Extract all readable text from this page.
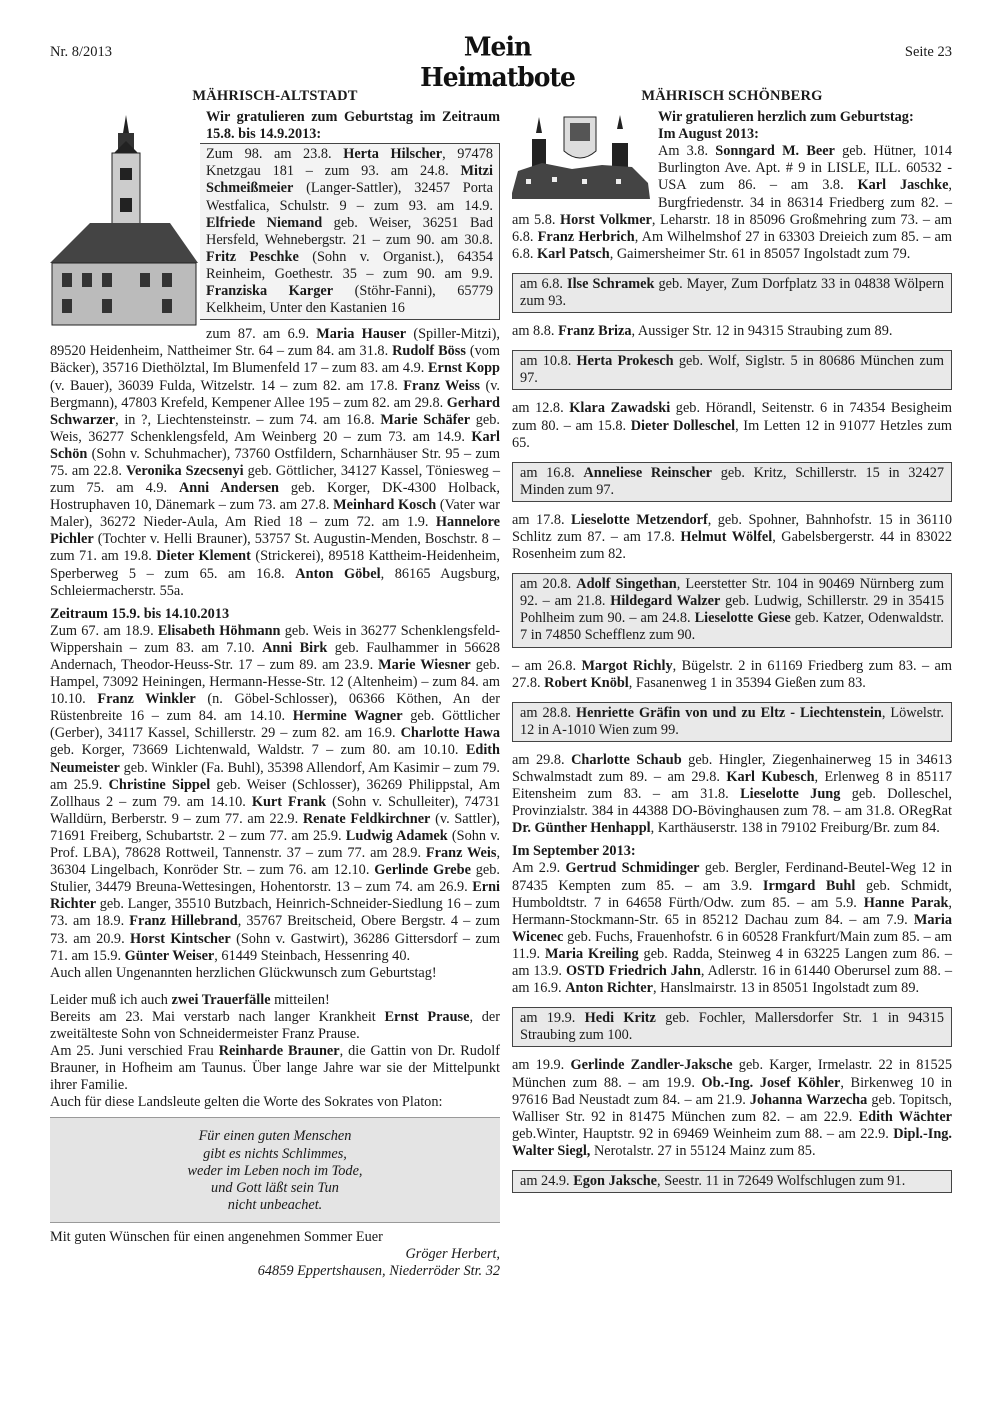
Nr. 8/2013	Mein Heimatbote
Seite 23
MÄHRISCH-ALTSTADT

Wir gratulieren zum Geburtstag im Zeitraum 15.8. bis 14.9.2013:

Zum 98. am 23.8. Herta Hilscher, 97478 Knetzgau 181 – zum 93. am 24.8. Mitzi Schmeißmeier (Langer-Sattler), 32457 Porta Westfalica, Schulstr. 9 – zum 93. am 14.9. Elfriede Niemand geb. Weiser, 36251 Bad Hersfeld, Wehnebergstr. 21 – zum 90. am 30.8. Fritz Peschke (Sohn v. Organist.), 64354 Reinheim, Goethestr. 35 – zum 90. am 9.9. Franziska Karger (Stöhr-Fanni), 65779 Kelkheim, Unter den Kastanien 16

zum 87. am 6.9. Maria Hauser (Spiller-Mitzi), 89520 Heidenheim, Nattheimer Str. 64 – zum 84. am 31.8. Rudolf Böss (vom Bäcker), 35716 Diethölztal, Im Blumenfeld 17 – zum 83. am 4.9. Ernst Kopp (v. Bauer), 36039 Fulda, Witzelstr. 14 – zum 82. am 17.8. Franz Weiss (v. Bergmann), 47803 Krefeld, Kempener Allee 195 – zum 82. am 29.8. Gerhard Schwarzer, in ?, Liechtensteinstr. – zum 74. am 16.8. Marie Schäfer geb. Weis, 36277 Schenklengsfeld, Am Weinberg 20 – zum 73. am 14.9. Karl Schön (Sohn v. Schuhmacher), 73760 Ostfildern, Scharnhäuser Str. 95 – zum 75. am 22.8. Veronika Szecsenyi geb. Göttlicher, 34127 Kassel, Töniesweg – zum 75. am 4.9. Anni Andersen geb. Korger, DK-4300 Holback, Hostruphaven 10, Dänemark – zum 73. am 27.8. Meinhard Kosch (Vater war Maler), 36272 Nieder-Aula, Am Ried 18 – zum 72. am 1.9. Hannelore Pichler (Tochter v. Helli Brauner), 53757 St. Augustin-Menden, Boschstr. 8 – zum 71. am 19.8. Dieter Klement (Strickerei), 89518 Kattheim-Heidenheim, Sperberweg 5 – zum 65. am 16.8. Anton Göbel, 86165 Augsburg, Schleiermacherstr. 55a.

Zeitraum 15.9. bis 14.10.2013

Zum 67. am 18.9. Elisabeth Höhmann geb. Weis in 36277 Schenklengsfeld-Wippershain – zum 83. am 7.10. Anni Birk geb. Faulhammer in 56628 Andernach, Theodor-Heuss-Str. 17 – zum 89. am 23.9. Marie Wiesner geb. Hampel, 73092 Heiningen, Hermann-Hesse-Str. 12 (Altenheim) – zum 84. am 10.10. Franz Winkler (n. Göbel-Schlosser), 06366 Köthen, An der Rüstenbreite 16 – zum 84. am 14.10. Hermine Wagner geb. Göttlicher (Gerber), 34117 Kassel, Schillerstr. 29 – zum 82. am 16.9. Charlotte Hawa geb. Korger, 73669 Lichtenwald, Waldstr. 7 – zum 80. am 10.10. Edith Neumeister geb. Winkler (Fa. Buhl), 35398 Allendorf, Am Kasimir – zum 79. am 25.9. Christine Sippel geb. Weiser (Schlosser), 36269 Philippstal, Am Zollhaus 2 – zum 79. am 14.10. Kurt Frank (Sohn v. Schulleiter), 74731 Walldürn, Berberstr. 9 – zum 77. am 22.9. Renate Feldkirchner (v. Sattler), 71691 Freiberg, Schubartstr. 2 – zum 77. am 25.9. Ludwig Adamek (Sohn v. Prof. LBA), 78628 Rottweil, Tannenstr. 37 – zum 77. am 28.9. Franz Weis, 36304 Lingelbach, Konröder Str. – zum 76. am 12.10. Gerlinde Grebe geb. Stulier, 34479 Breuna-Wettesingen, Hohentorstr. 13 – zum 74. am 26.9. Erni Richter geb. Langer, 35510 Butzbach, Heinrich-Schneider-Siedlung 16 – zum 73. am 18.9. Franz Hillebrand, 35767 Breitscheid, Obere Bergstr. 4 – zum 73. am 20.9. Horst Kintscher (Sohn v. Gastwirt), 36286 Gittersdorf – zum 71. am 15.9. Günter Weiser, 61449 Steinbach, Hessenring 40.

Auch allen Ungenannten herzlichen Glückwunsch zum Geburtstag!

Leider muß ich auch zwei Trauerfälle mitteilen!

Bereits am 23. Mai verstarb nach langer Krankheit Ernst Prause, der zweitälteste Sohn von Schneidermeister Franz Prause.

Am 25. Juni verschied Frau Reinharde Brauner, die Gattin von Dr. Rudolf Brauner, in Hofheim am Taunus. Über lange Jahre war sie der Mittelpunkt ihrer Familie.

Auch für diese Landsleute gelten die Worte des Sokrates von Platon:

Für einen guten Menschen
gibt es nichts Schlimmes,
weder im Leben noch im Tode,
und Gott läßt sein Tun
nicht unbeachet.

Mit guten Wünschen für einen angenehmen Sommer Euer

Gröger Herbert,

64859 Eppertshausen, Niederröder Str. 32

MÄHRISCH SCHÖNBERG

Wir gratulieren herzlich zum Geburtstag:

Im August 2013:

Am 3.8. Sonngard M. Beer geb. Hütner, 1014 Burlington Ave. Apt. # 9 in LISLE, ILL. 60532 - USA zum 86. – am 3.8. Karl Jaschke, Burgfriedenstr. 34 in 86314 Friedberg zum 82. – am 5.8. Horst Volkmer, Leharstr. 18 in 85096 Großmehring zum 73. – am 6.8. Franz Herbrich, Am Wilhelmshof 27 in 63303 Dreieich zum 85. – am 6.8. Karl Patsch, Gaimersheimer Str. 61 in 85057 Ingolstadt zum 79.

am 6.8. Ilse Schramek geb. Mayer, Zum Dorfplatz 33 in 04838 Wölpern zum 93.

am 8.8. Franz Briza, Aussiger Str. 12 in 94315 Straubing zum 89.

am 10.8. Herta Prokesch geb. Wolf, Siglstr. 5 in 80686 München zum 97.

am 12.8. Klara Zawadski geb. Hörandl, Seitenstr. 6 in 74354 Besigheim zum 80. – am 15.8. Dieter Dolleschel, Im Letten 12 in 91077 Hetzles zum 65.

am 16.8. Anneliese Reinscher geb. Kritz, Schillerstr. 15 in 32427 Minden zum 97.

am 17.8. Lieselotte Metzendorf, geb. Spohner, Bahnhofstr. 15 in 36110 Schlitz zum 87. – am 17.8. Helmut Wölfel, Gabelsbergerstr. 44 in 83022 Rosenheim zum 82.

am 20.8. Adolf Singethan, Leerstetter Str. 104 in 90469 Nürnberg zum 92. – am 21.8. Hildegard Walzer geb. Ludwig, Schillerstr. 29 in 35415 Pohlheim zum 90. – am 24.8. Lieselotte Giese geb. Katzer, Odenwaldstr. 7 in 74850 Schefflenz zum 90.

– am 26.8. Margot Richly, Bügelstr. 2 in 61169 Friedberg zum 83. – am 27.8. Robert Knöbl, Fasanenweg 1 in 35394 Gießen zum 83.

am 28.8. Henriette Gräfin von und zu Eltz - Liechtenstein, Löwelstr. 12 in A-1010 Wien zum 99.

am 29.8. Charlotte Schaub geb. Hingler, Ziegenhainerweg 15 in 34613 Schwalmstadt zum 89. – am 29.8. Karl Kubesch, Erlenweg 8 in 85117 Eitensheim zum 83. – am 31.8. Lieselotte Jung geb. Dolleschel, Provinzialstr. 384 in 44388 DO-Bövinghausen zum 78. – am 31.8. ORegRat Dr. Günther Henhappl, Karthäuserstr. 138 in 79102 Freiburg/Br. zum 84.

Im September 2013:

Am 2.9. Gertrud Schmidinger geb. Bergler, Ferdinand-Beutel-Weg 12 in 87435 Kempten zum 85. – am 3.9. Irmgard Buhl geb. Schmidt, Humboldtstr. 7 in 64658 Fürth/Odw. zum 85. – am 5.9. Hanne Parak, Hermann-Stockmann-Str. 65 in 85212 Dachau zum 84. – am 7.9. Maria Wicenec geb. Fuchs, Frauenhofstr. 6 in 60528 Frankfurt/Main zum 85. – am 11.9. Maria Kreiling geb. Radda, Steinweg 4 in 63225 Langen zum 86. – am 13.9. OSTD Friedrich Jahn, Adlerstr. 16 in 61440 Oberursel zum 88. – am 16.9. Anton Richter, Hanslmairstr. 13 in 85051 Ingolstadt zum 89.

am 19.9. Hedi Kritz geb. Fochler, Mallersdorfer Str. 1 in 94315 Straubing zum 100.

am 19.9. Gerlinde Zandler-Jaksche geb. Karger, Irmelastr. 22 in 81525 München zum 88. – am 19.9. Ob.-Ing. Josef Köhler, Birkenweg 10 in 97616 Bad Neustadt zum 84. – am 21.9. Johanna Warzecha geb. Topitsch, Walliser Str. 92 in 81475 München zum 82. – am 22.9. Edith Wächter geb.Winter, Hauptstr. 92 in 69469 Weinheim zum 88. – am 22.9. Dipl.-Ing. Walter Siegl, Nerotalstr. 27 in 55124 Mainz zum 85.

am 24.9. Egon Jaksche, Seestr. 11 in 72649 Wolfschlugen zum 91.
